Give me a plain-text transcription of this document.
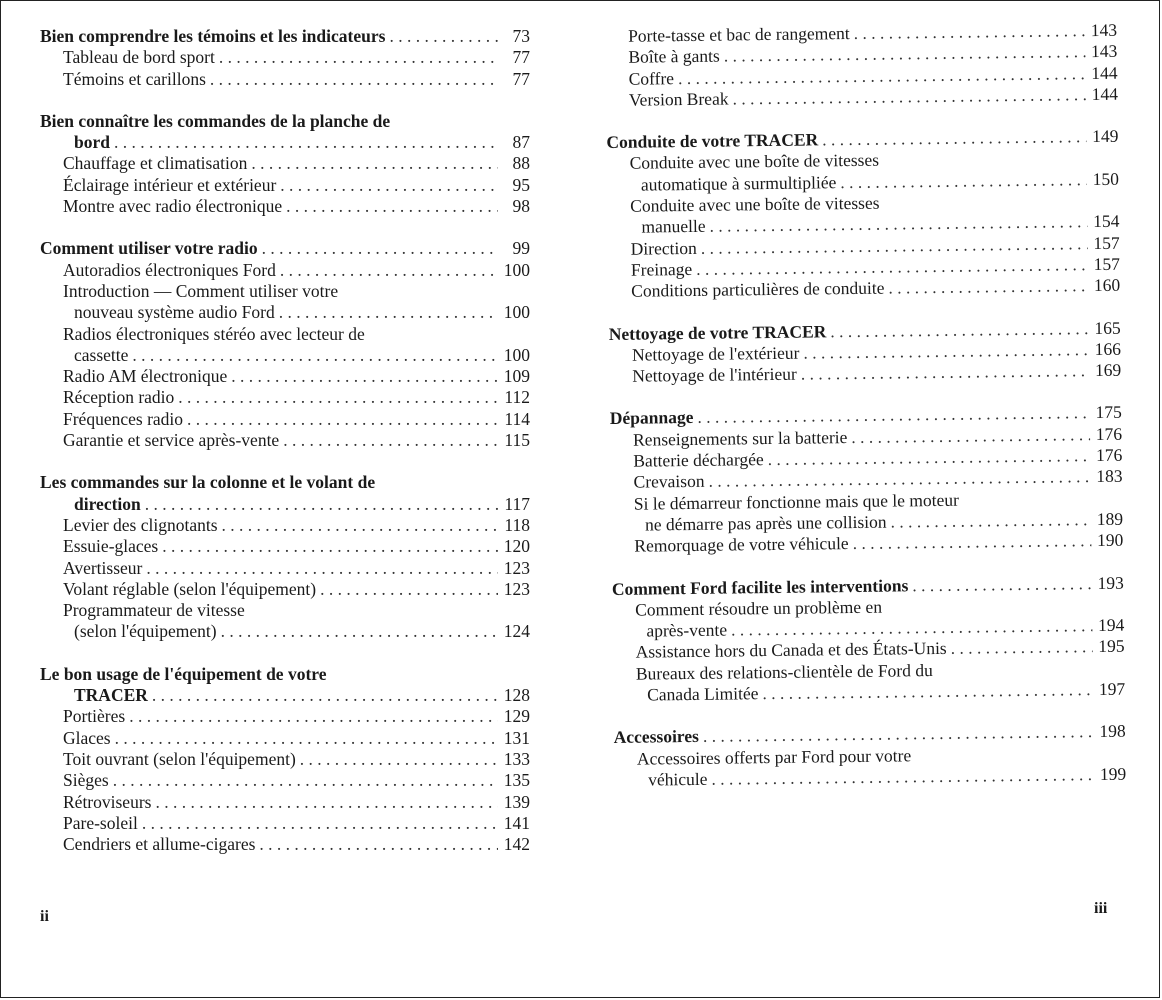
Bien comprendre les témoins et les indicateurs . . .	73
Tableau de bord sport . . .	77
Témoins et carillons . . .	77
Bien connaître les commandes de la planche de
bord . . .	87
Chauffage et climatisation . . .	88
Éclairage intérieur et extérieur . . .	95
Montre avec radio électronique . . .	98
Comment utiliser votre radio . . .	99
Autoradios électroniques Ford . . .	100
Introduction — Comment utiliser votre
nouveau système audio Ford . . .	100
Radios électroniques stéréo avec lecteur de
cassette . . .	100
Radio AM électronique . . .	109
Réception radio . . .	112
Fréquences radio . . .	114
Garantie et service après-vente . . .	115
Les commandes sur la colonne et le volant de
direction . . .	117
Levier des clignotants . . .	118
Essuie-glaces . . .	120
Avertisseur . . .	123
Volant réglable (selon l'équipement) . . .	123
Programmateur de vitesse
(selon l'équipement) . . .	124
Le bon usage de l'équipement de votre
TRACER . . .	128
Portières . . .	129
Glaces . . .	131
Toit ouvrant (selon l'équipement) . . .	133
Sièges . . .	135
Rétroviseurs . . .	139
Pare-soleil . . .	141
Cendriers et allume-cigares . . .	142
Porte-tasse et bac de rangement . . .	143
Boîte à gants . . .	143
Coffre . . .	144
Version Break . . .	144
Conduite de votre TRACER . . .	149
Conduite avec une boîte de vitesses
automatique à surmultipliée . . .	150
Conduite avec une boîte de vitesses
manuelle . . .	154
Direction . . .	157
Freinage . . .	157
Conditions particulières de conduite . . .	160
Nettoyage de votre TRACER . . .	165
Nettoyage de l'extérieur . . .	166
Nettoyage de l'intérieur . . .	169
Dépannage . . .	175
Renseignements sur la batterie . . .	176
Batterie déchargée . . .	176
Crevaison . . .	183
Si le démarreur fonctionne mais que le moteur
ne démarre pas après une collision . . .	189
Remorquage de votre véhicule . . .	190
Comment Ford facilite les interventions . . .	193
Comment résoudre un problème en
après-vente . . .	194
Assistance hors du Canada et des États-Unis . . .	195
Bureaux des relations-clientèle de Ford du
Canada Limitée . . .	197
Accessoires . . .	198
Accessoires offerts par Ford pour votre
véhicule . . .	199
ii	iii
